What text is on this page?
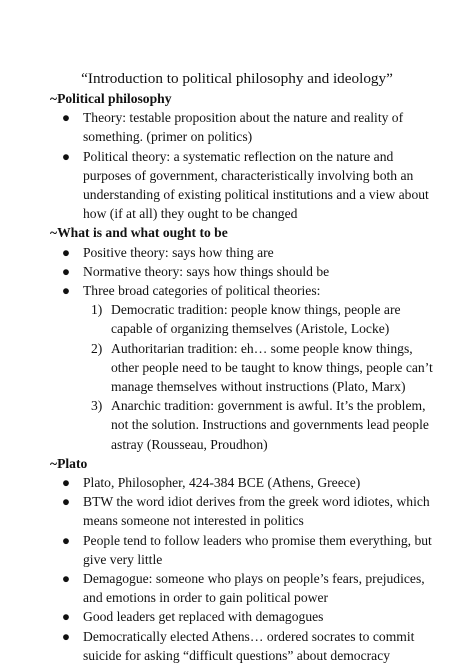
“Introduction to political philosophy and ideology”

~Political philosophy

● Theory: testable proposition about the nature and reality of something. (primer on politics)
● Political theory: a systematic reflection on the nature and purposes of government, characteristically involving both an understanding of existing political institutions and a view about how (if at all) they ought to be changed

~What is and what ought to be

● Positive theory: says how thing are
● Normative theory: says how things should be
● Three broad categories of political theories:
1) Democratic tradition: people know things, people are capable of organizing themselves (Aristole, Locke)
2) Authoritarian tradition: eh… some people know things, other people need to be taught to know things, people can’t manage themselves without instructions (Plato, Marx)
3) Anarchic tradition: government is awful. It’s the problem, not the solution. Instructions and governments lead people astray (Rousseau, Proudhon)

~Plato

● Plato, Philosopher, 424-384 BCE (Athens, Greece)
● BTW the word idiot derives from the greek word idiotes, which means someone not interested in politics
● People tend to follow leaders who promise them everything, but give very little
● Demagogue: someone who plays on people’s fears, prejudices, and emotions in order to gain political power
● Good leaders get replaced with demagogues
● Democratically elected Athens… ordered socrates to commit suicide for asking “difficult questions” about democracy
